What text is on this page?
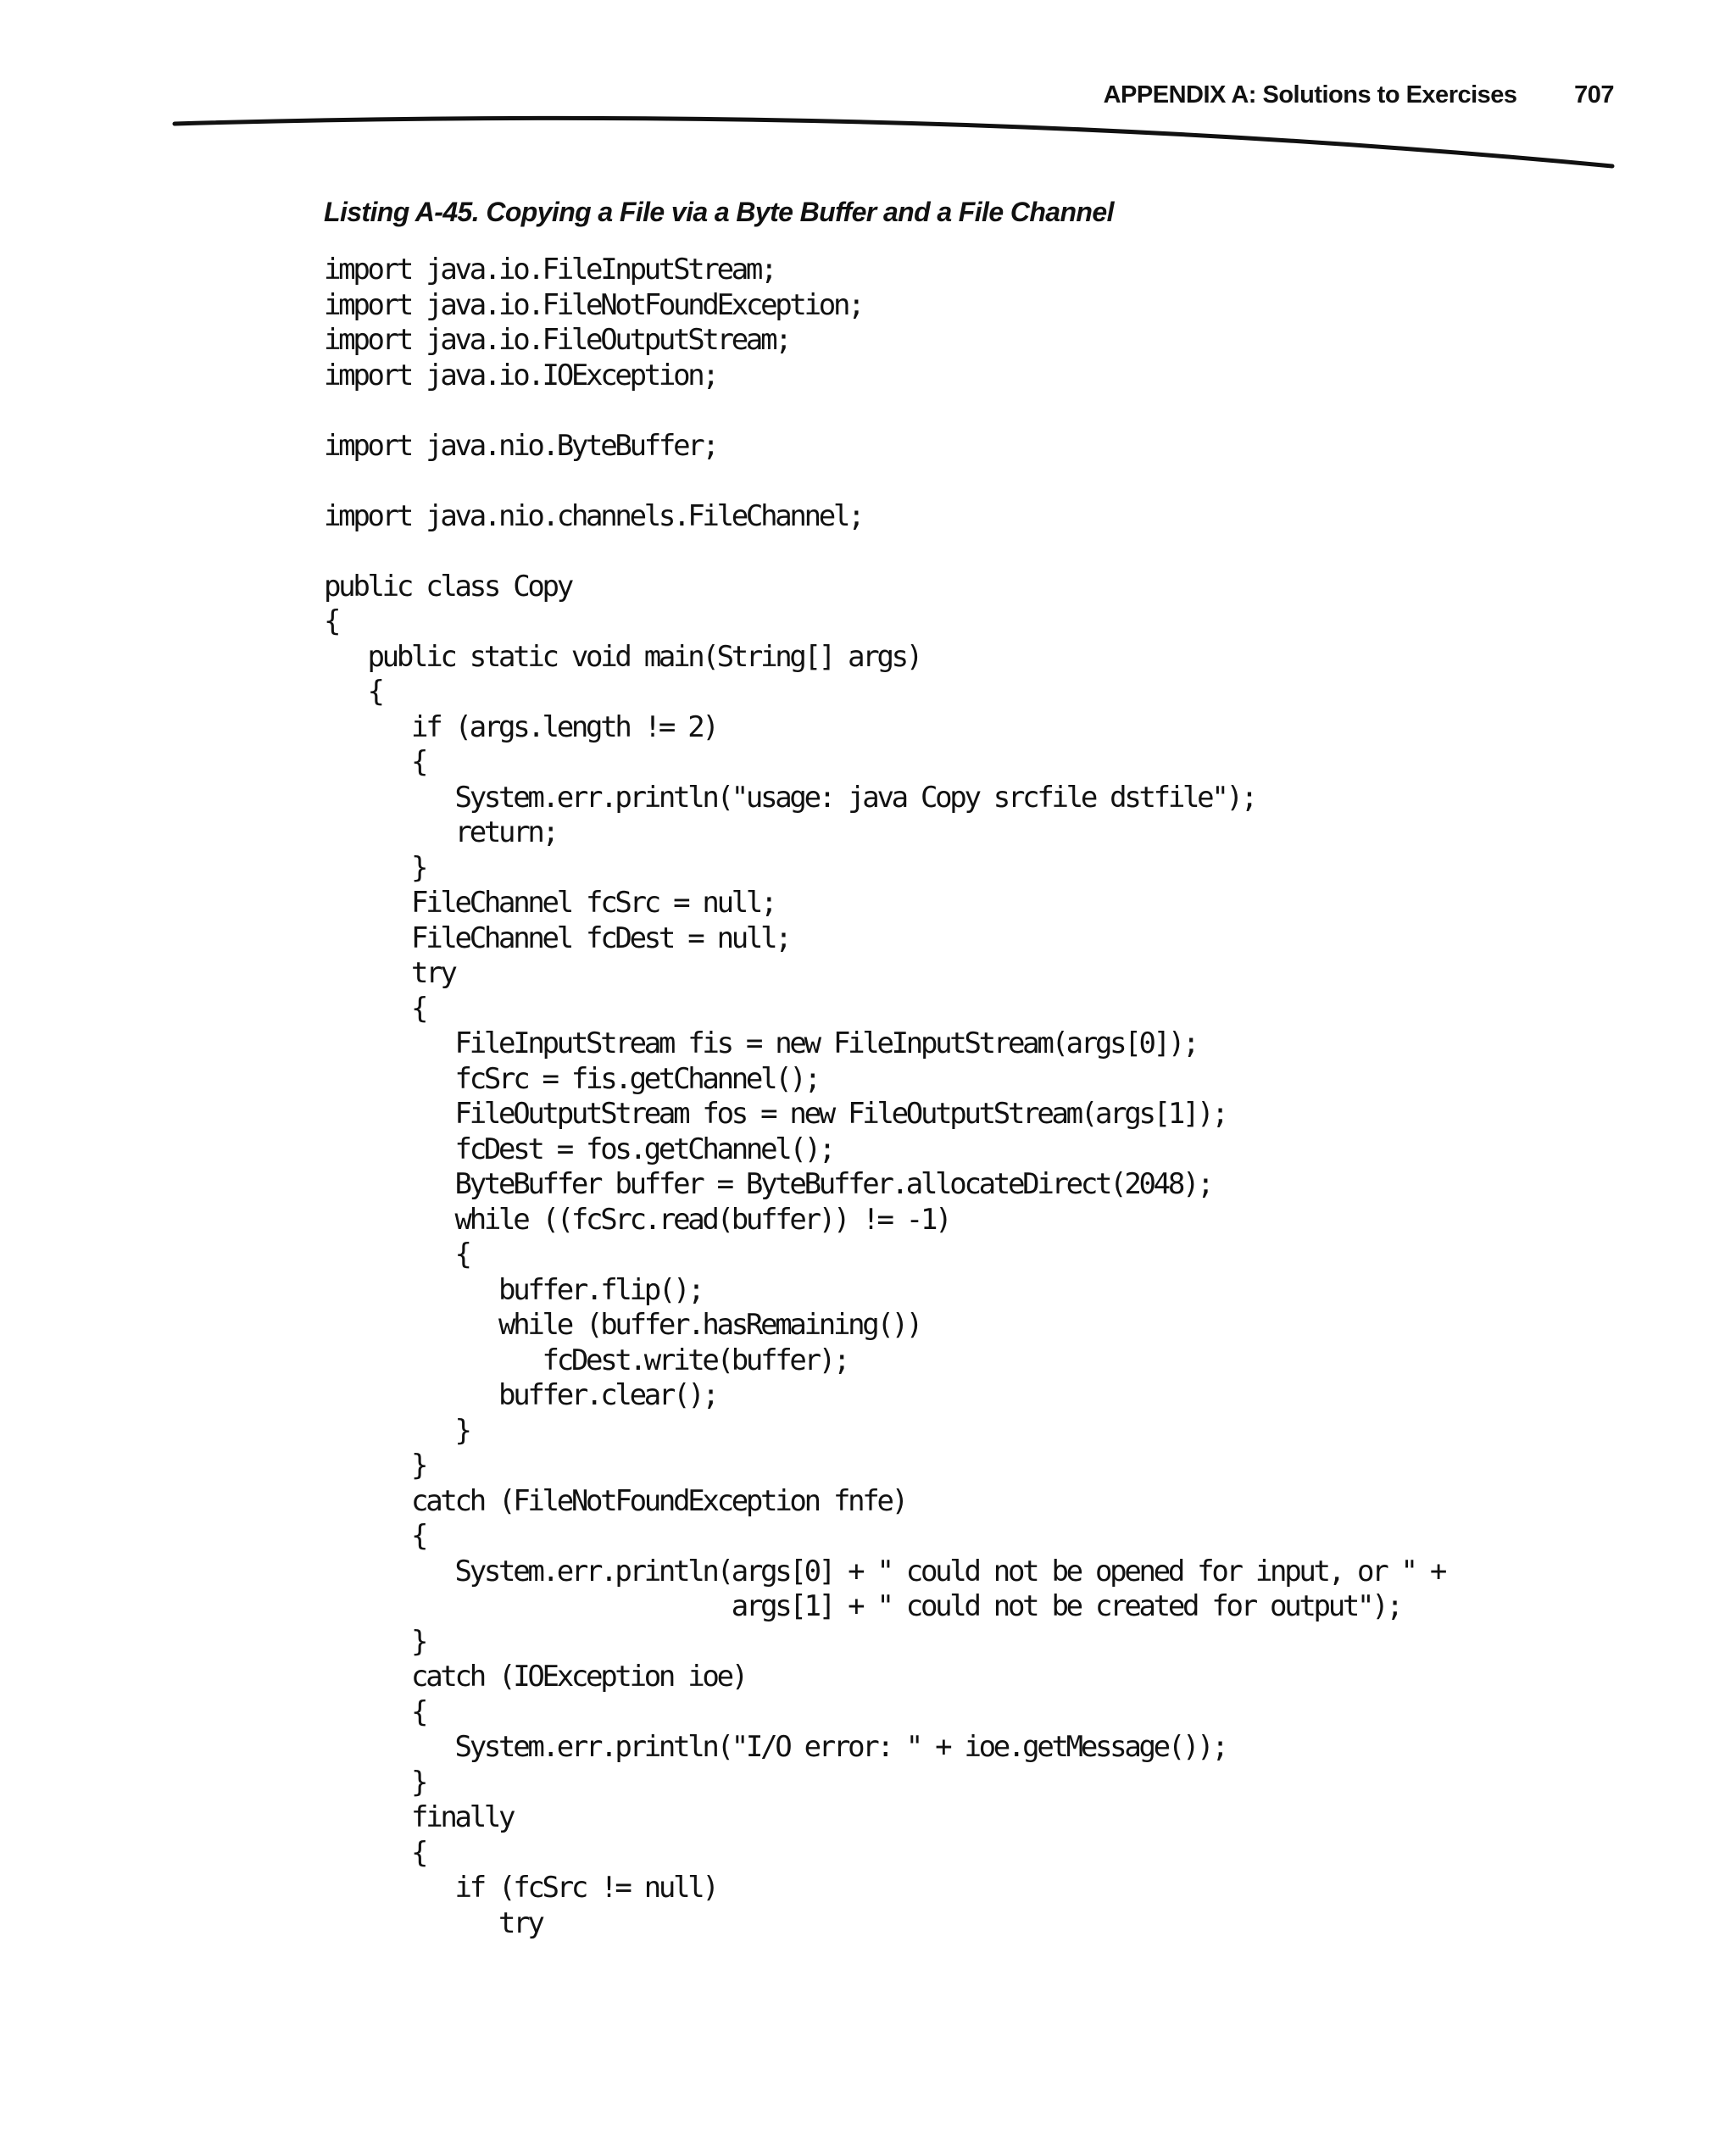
APPENDIX A: Solutions to Exercises 707
Listing A-45. Copying a File via a Byte Buffer and a File Channel
import java.io.FileInputStream;
import java.io.FileNotFoundException;
import java.io.FileOutputStream;
import java.io.IOException;
import java.nio.ByteBuffer;
import java.nio.channels.FileChannel;
public class Copy
{
public static void main(String[] args)
{
if (args.length != 2)
{
System.err.println("usage: java Copy srcfile dstfile");
return;
}
FileChannel fcSrc = null;
FileChannel fcDest = null;
try
{
FileInputStream fis = new FileInputStream(args[0]);
fcSrc = fis.getChannel();
FileOutputStream fos = new FileOutputStream(args[1]);
fcDest = fos.getChannel();
ByteBuffer buffer = ByteBuffer.allocateDirect(2048);
while ((fcSrc.read(buffer)) != -1)
{
buffer.flip();
while (buffer.hasRemaining())
fcDest.write(buffer);
buffer.clear();
}
}
catch (FileNotFoundException fnfe)
{
System.err.println(args[0] + " could not be opened for input, or " +
args[1] + " could not be created for output");
}
catch (IOException ioe)
{
System.err.println("I/O error: " + ioe.getMessage());
}
finally
{
if (fcSrc != null)
try
